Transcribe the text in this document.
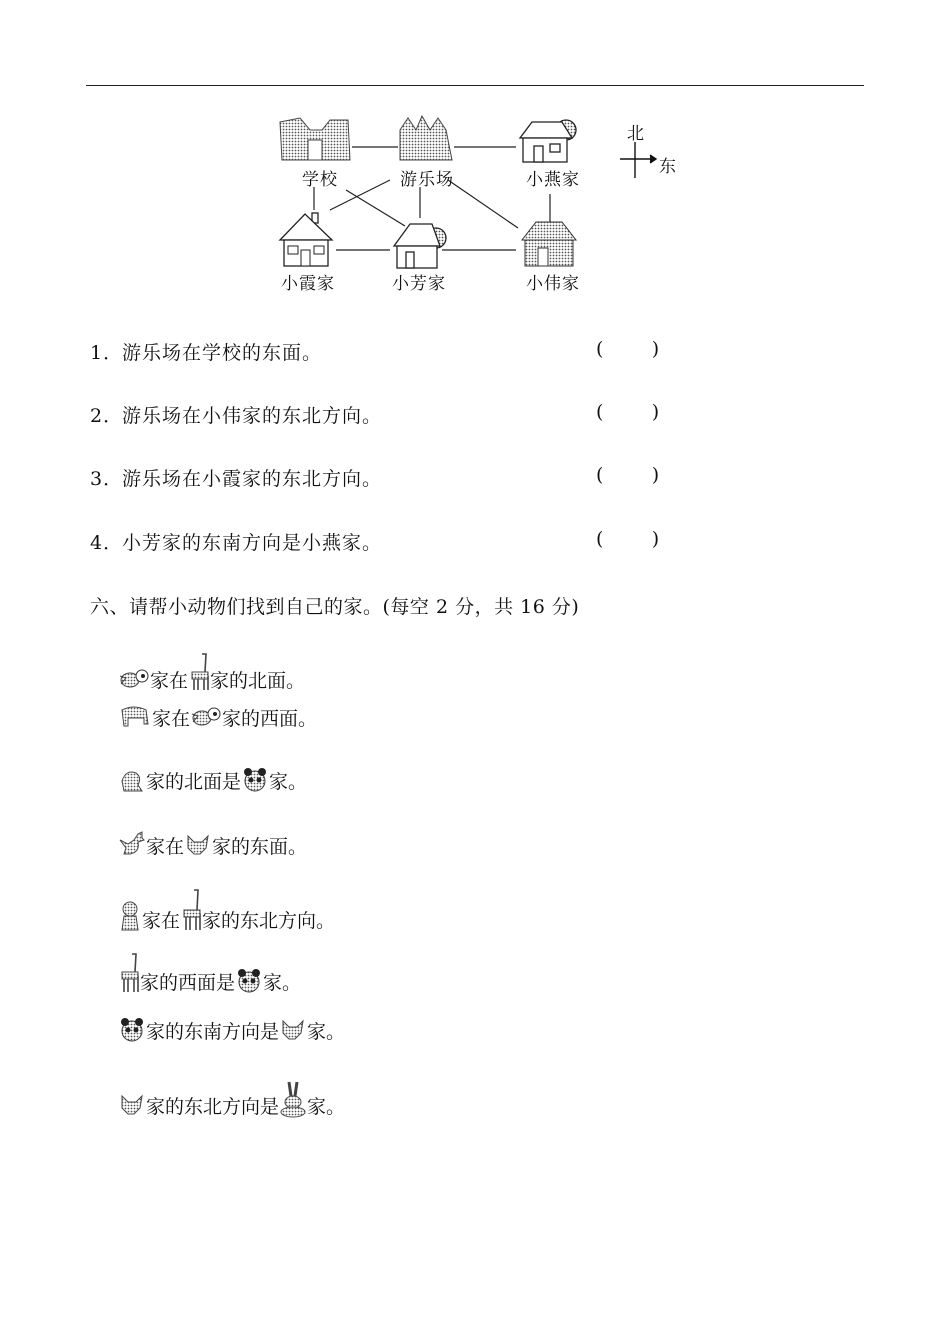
学校	游乐场	小燕家
小霞家	小芳家	小伟家
北
东
1．游乐场在学校的东面。	(        )
2．游乐场在小伟家的东北方向。	(        )
3．游乐场在小霞家的东北方向。	(        )
4．小芳家的东南方向是小燕家。	(        )
六、请帮小动物们找到自己的家。(每空 2 分，共 16 分)
家在 家的北面。
家在 家的西面。
家的北面是 家。
家在 家的东面。
家在 家的东北方向。
家的西面是 家。
家的东南方向是 家。
家的东北方向是 家。
